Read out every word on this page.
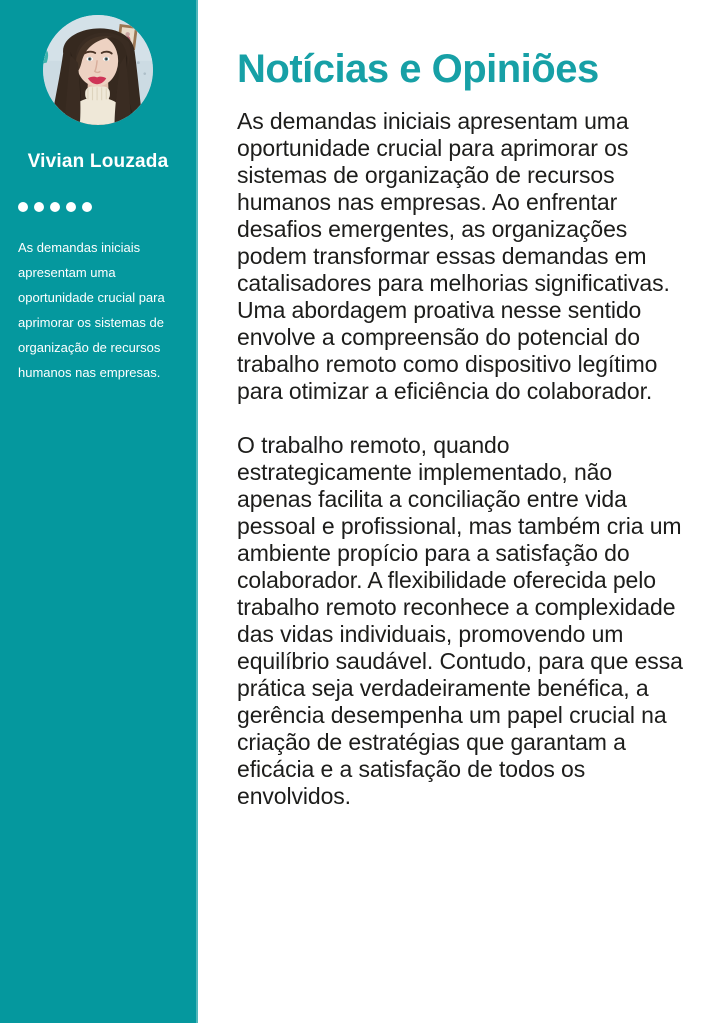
Vivian Louzada

As demandas iniciais apresentam uma oportunidade crucial para aprimorar os sistemas de organização de recursos humanos nas empresas.

Notícias e Opiniões

As demandas iniciais apresentam uma oportunidade crucial para aprimorar os sistemas de organização de recursos humanos nas empresas. Ao enfrentar desafios emergentes, as organizações podem transformar essas demandas em catalisadores para melhorias significativas. Uma abordagem proativa nesse sentido envolve a compreensão do potencial do trabalho remoto como dispositivo legítimo para otimizar a eficiência do colaborador.

O trabalho remoto, quando estrategicamente implementado, não apenas facilita a conciliação entre vida pessoal e profissional, mas também cria um ambiente propício para a satisfação do colaborador. A flexibilidade oferecida pelo trabalho remoto reconhece a complexidade das vidas individuais, promovendo um equilíbrio saudável. Contudo, para que essa prática seja verdadeiramente benéfica, a gerência desempenha um papel crucial na criação de estratégias que garantam a eficácia e a satisfação de todos os envolvidos.
